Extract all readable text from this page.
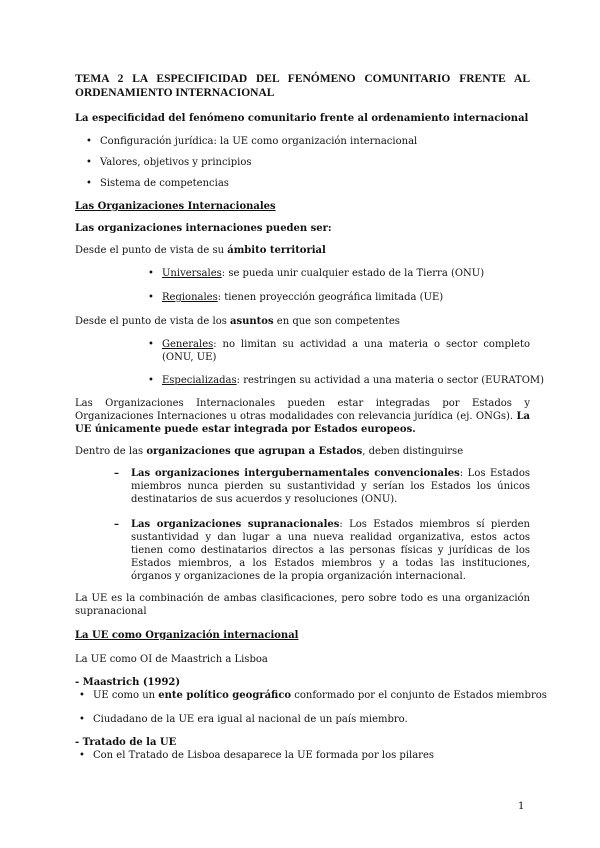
TEMA 2 LA ESPECIFICIDAD DEL FENÓMENO COMUNITARIO FRENTE AL ORDENAMIENTO INTERNACIONAL
La especificidad del fenómeno comunitario frente al ordenamiento internacional
• Configuración jurídica: la UE como organización internacional
• Valores, objetivos y principios
• Sistema de competencias
Las Organizaciones Internacionales
Las organizaciones internaciones pueden ser:
Desde el punto de vista de su ámbito territorial
• Universales: se pueda unir cualquier estado de la Tierra (ONU)
• Regionales: tienen proyección geográfica limitada (UE)
Desde el punto de vista de los asuntos en que son competentes
• Generales: no limitan su actividad a una materia o sector completo (ONU, UE)
• Especializadas: restringen su actividad a una materia o sector (EURATOM)
Las Organizaciones Internacionales pueden estar integradas por Estados y Organizaciones Internaciones u otras modalidades con relevancia jurídica (ej. ONGs). La UE únicamente puede estar integrada por Estados europeos.
Dentro de las organizaciones que agrupan a Estados, deben distinguirse
– Las organizaciones intergubernamentales convencionales: Los Estados miembros nunca pierden su sustantividad y serían los Estados los únicos destinatarios de sus acuerdos y resoluciones (ONU).
– Las organizaciones supranacionales: Los Estados miembros sí pierden sustantividad y dan lugar a una nueva realidad organizativa, estos actos tienen como destinatarios directos a las personas físicas y jurídicas de los Estados miembros, a los Estados miembros y a todas las instituciones, órganos y organizaciones de la propia organización internacional.
La UE es la combinación de ambas clasificaciones, pero sobre todo es una organización supranacional
La UE como Organización internacional
La UE como OI de Maastrich a Lisboa
- Maastrich (1992)
• UE como un ente político geográfico conformado por el conjunto de Estados miembros
• Ciudadano de la UE era igual al nacional de un país miembro.
- Tratado de la UE
• Con el Tratado de Lisboa desaparece la UE formada por los pilares
1
